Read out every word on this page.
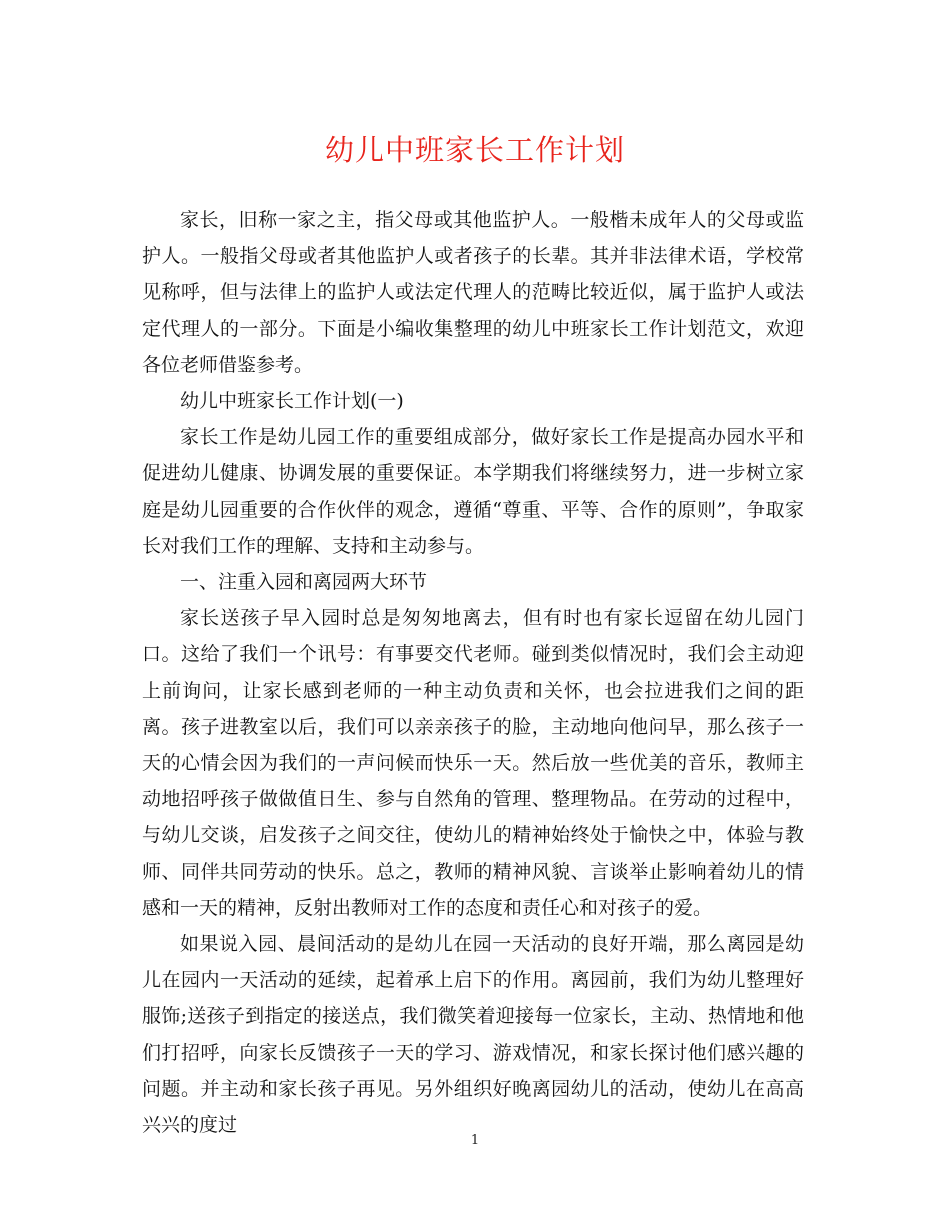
幼儿中班家长工作计划

家长，旧称一家之主，指父母或其他监护人。一般楷未成年人的父母或监护人。一般指父母或者其他监护人或者孩子的长辈。其并非法律术语，学校常见称呼，但与法律上的监护人或法定代理人的范畴比较近似，属于监护人或法定代理人的一部分。下面是小编收集整理的幼儿中班家长工作计划范文，欢迎各位老师借鉴参考。

幼儿中班家长工作计划(一)

家长工作是幼儿园工作的重要组成部分，做好家长工作是提高办园水平和促进幼儿健康、协调发展的重要保证。本学期我们将继续努力，进一步树立家庭是幼儿园重要的合作伙伴的观念，遵循“尊重、平等、合作的原则”，争取家长对我们工作的理解、支持和主动参与。

一、注重入园和离园两大环节

家长送孩子早入园时总是匆匆地离去，但有时也有家长逗留在幼儿园门口。这给了我们一个讯号：有事要交代老师。碰到类似情况时，我们会主动迎上前询问，让家长感到老师的一种主动负责和关怀，也会拉进我们之间的距离。孩子进教室以后，我们可以亲亲孩子的脸，主动地向他问早，那么孩子一天的心情会因为我们的一声问候而快乐一天。然后放一些优美的音乐，教师主动地招呼孩子做做值日生、参与自然角的管理、整理物品。在劳动的过程中，与幼儿交谈，启发孩子之间交往，使幼儿的精神始终处于愉快之中，体验与教师、同伴共同劳动的快乐。总之，教师的精神风貌、言谈举止影响着幼儿的情感和一天的精神，反射出教师对工作的态度和责任心和对孩子的爱。

如果说入园、晨间活动的是幼儿在园一天活动的良好开端，那么离园是幼儿在园内一天活动的延续，起着承上启下的作用。离园前，我们为幼儿整理好服饰;送孩子到指定的接送点，我们微笑着迎接每一位家长，主动、热情地和他们打招呼，向家长反馈孩子一天的学习、游戏情况，和家长探讨他们感兴趣的问题。并主动和家长孩子再见。另外组织好晚离园幼儿的活动，使幼儿在高高兴兴的度过

1
